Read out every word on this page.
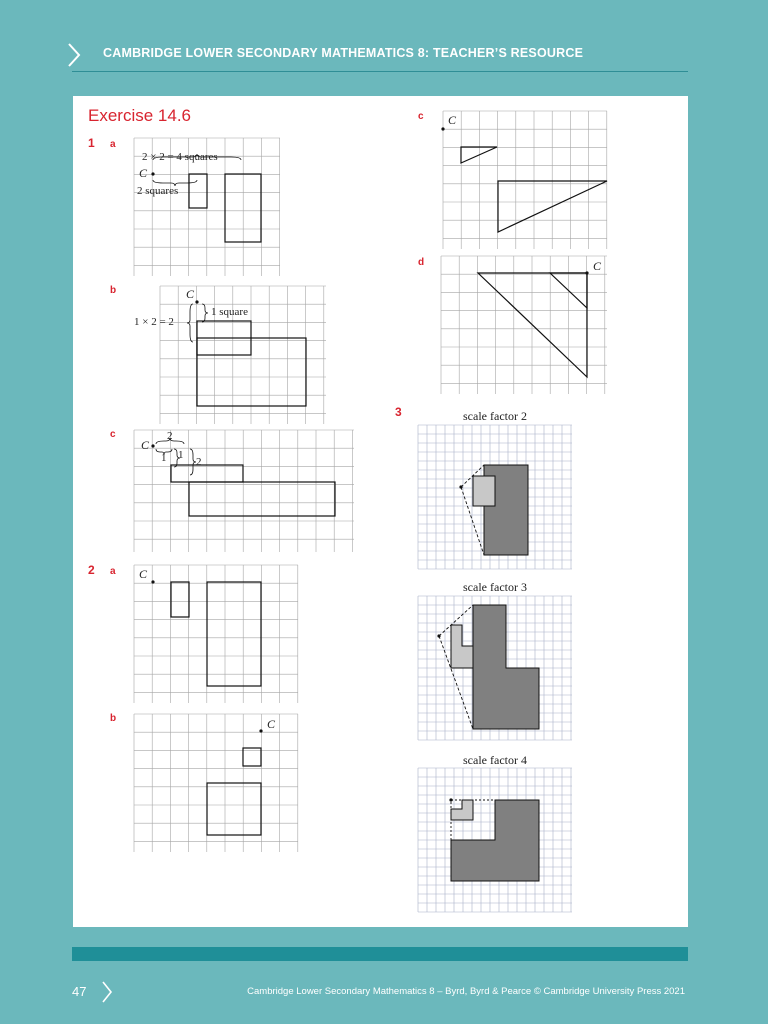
CAMBRIDGE LOWER SECONDARY MATHEMATICS 8: TEACHER’S RESOURCE
Exercise 14.6
1 a
b
c
c
d
2 a
b
3
2 × 2 = 4 squares
C
2 squares
C
1 square
1 × 2 = 2
C
2
1 1
2
C
C
C
C
scale factor 2
scale factor 3
scale factor 4
47	Cambridge Lower Secondary Mathematics 8 – Byrd, Byrd & Pearce © Cambridge University Press 2021
